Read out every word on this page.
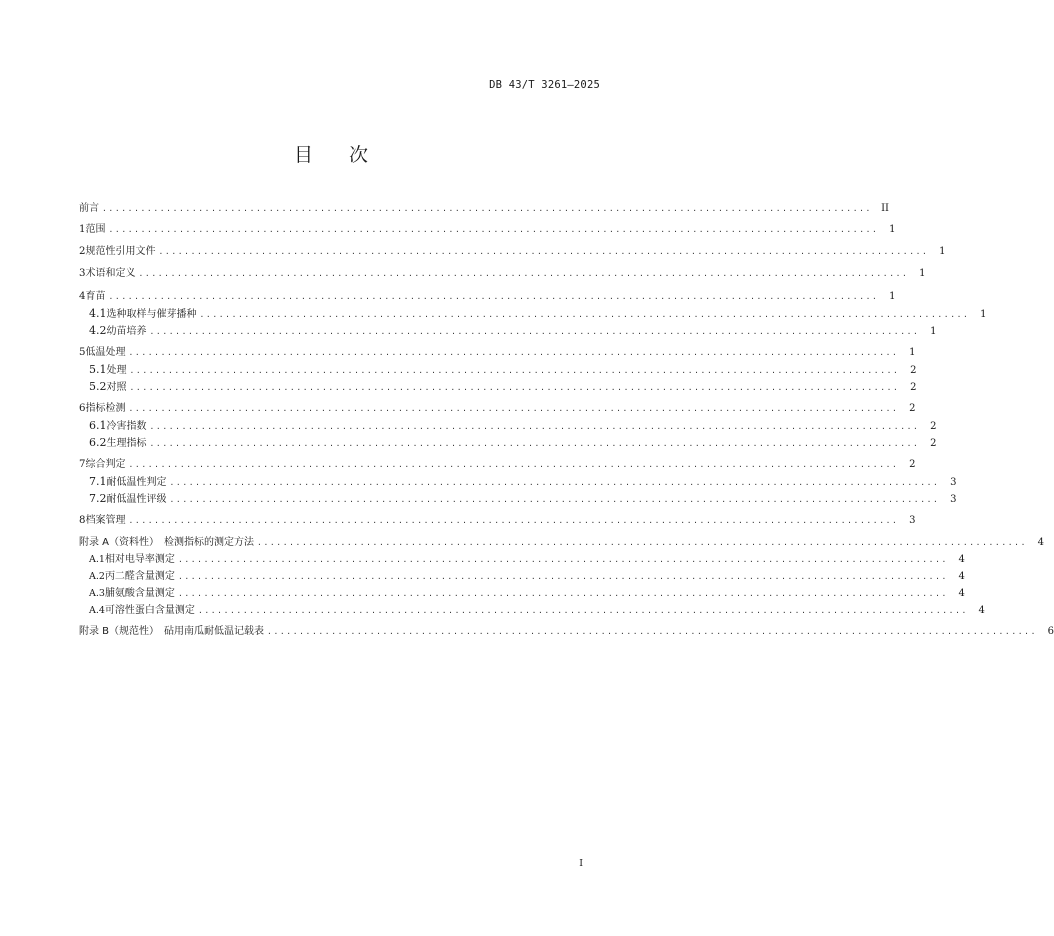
DB 43/T 3261—2025
目 次
前言 ........................................................................................................................ II
1 范围 ........................................................................................................................	1
2 规范性引用文件 ........................................................................................................................	1
3 术语和定义 ........................................................................................................................	1
4 育苗 ........................................................................................................................	1
4.1 选种取样与催芽播种 ........................................................................................................................	1
4.2 幼苗培养 ........................................................................................................................	1
5 低温处理 ........................................................................................................................	1
5.1 处理 ........................................................................................................................	2
5.2 对照 ........................................................................................................................	2
6 指标检测 ........................................................................................................................	2
6.1 冷害指数 ........................................................................................................................	2
6.2 生理指标 ........................................................................................................................	2
7 综合判定 ........................................................................................................................	2
7.1 耐低温性判定 ........................................................................................................................	3
7.2 耐低温性评级 ........................................................................................................................	3
8 档案管理 ........................................................................................................................	3
附录 A（资料性）　检测指标的测定方法 ........................................................................................................................	4
A.1 相对电导率测定 ........................................................................................................................	4
A.2 丙二醛含量测定 ........................................................................................................................	4
A.3 脯氨酸含量测定 ........................................................................................................................	4
A.4 可溶性蛋白含量测定 ........................................................................................................................	4
附录 B（规范性）　砧用南瓜耐低温记载表 ........................................................................................................................	6
I
